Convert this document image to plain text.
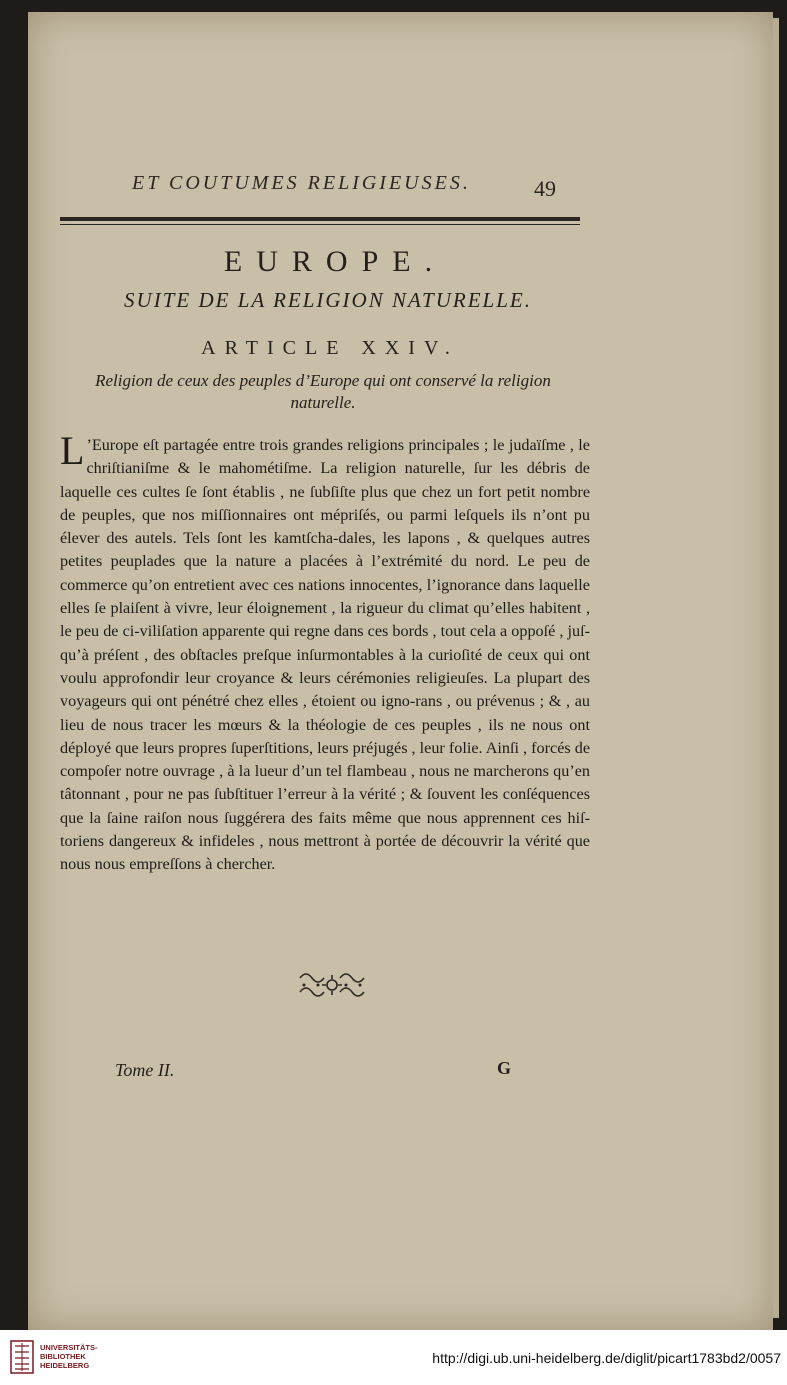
ET COUTUMES RELIGIEUSES.	49
EUROPE.
SUITE DE LA RELIGION NATURELLE.
ARTICLE XXIV.
Religion de ceux des peuples d’Europe qui ont conservé la religion naturelle.
L ’Europe eſt partagée entre trois grandes religions principales ; le judaïſme , le chriſtianiſme & le mahométiſme. La religion naturelle, ſur les débris de laquelle ces cultes ſe ſont établis , ne ſubſiſte plus que chez un fort petit nombre de peuples, que nos miſſionnaires ont mépriſés, ou parmi leſquels ils n’ont pu élever des autels. Tels ſont les kamtſcha-dales, les lapons , & quelques autres petites peuplades que la nature a placées à l’extrémité du nord. Le peu de commerce qu’on entretient avec ces nations innocentes, l’ignorance dans laquelle elles ſe plaiſent à vivre, leur éloignement , la rigueur du climat qu’elles habitent , le peu de ci-viliſation apparente qui regne dans ces bords , tout cela a oppoſé , juſ-qu’à préſent , des obſtacles preſque inſurmontables à la curioſité de ceux qui ont voulu approfondir leur croyance & leurs cérémonies religieuſes. La plupart des voyageurs qui ont pénétré chez elles , étoient ou igno-rans , ou prévenus ; & , au lieu de nous tracer les mœurs & la théologie de ces peuples , ils ne nous ont déployé que leurs propres ſuperſtitions, leurs préjugés , leur folie. Ainſi , forcés de compoſer notre ouvrage , à la lueur d’un tel flambeau , nous ne marcherons qu’en tâtonnant , pour ne pas ſubſtituer l’erreur à la vérité ; & ſouvent les conſéquences que la ſaine raiſon nous ſuggérera des faits même que nous apprennent ces hiſ-toriens dangereux & infideles , nous mettront à portée de découvrir la vérité que nous nous empreſſons à chercher.
Tome II.	G
UNIVERSITÄTS-
BIBLIOTHEK
HEIDELBERG	http://digi.ub.uni-heidelberg.de/diglit/picart1783bd2/0057
